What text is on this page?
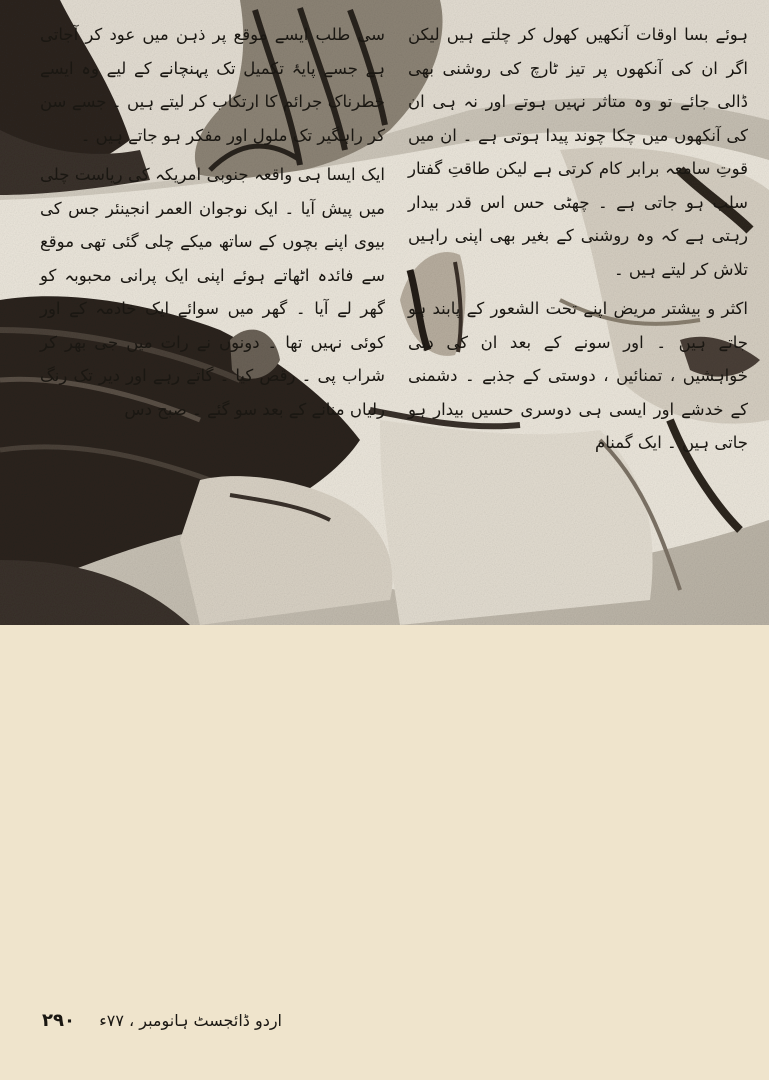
ہوئے بسا اوقات آنکھیں کھول کر چلتے ہیں لیکن اگر ان کی آنکھوں پر تیز ٹارچ کی روشنی بھی ڈالی جائے تو وہ متاثر نہیں ہوتے اور نہ ہی ان کی آنکھوں میں چکا چوند پیدا ہوتی ہے ۔ ان میں قوتِ سامعہ برابر کام کرتی ہے لیکن طاقتِ گفتار سلب ہو جاتی ہے ۔ چھٹی حس اس قدر بیدار رہتی ہے کہ وہ روشنی کے بغیر بھی اپنی راہیں تلاش کر لیتے ہیں ۔

اکثر و بیشتر مریض اپنے تحت الشعور کے پابند ہو جاتے ہیں ۔ اور سونے کے بعد ان کی دبی خواہشیں ، تمنائیں ، دوستی کے جذبے ۔ دشمنی کے خدشے اور ایسی ہی دوسری حسیں بیدار ہو جاتی ہیں ۔ ایک گمنام

سی طلب ایسے موقع پر ذہن میں عود کر آجاتی ہے جسے پایۂ تکمیل تک پہنچانے کے لیے وہ ایسے خطرناک جرائم کا ارتکاب کر لیتے ہیں ۔ جسے سن کر راہگیر تک ملول اور مفکر ہو جاتے ہیں ۔

ایک ایسا ہی واقعہ جنوبی امریکہ کی ریاست چلی میں پیش آیا ۔ ایک نوجوان العمر انجینئر جس کی بیوی اپنے بچوں کے ساتھ میکے چلی گئی تھی موقع سے فائدہ اٹھاتے ہوئے اپنی ایک پرانی محبوبہ کو گھر لے آیا ۔ گھر میں سوائے ایک خادمہ کے اور کوئی نہیں تھا ۔ دونوں نے رات میں جی بھر کر شراب پی ۔ رقص کیا ۔ گاتے رہے اور دیر تک رنگ رلیاں منانے کے بعد سو گئے ۔ صبح دس

اردو ڈائجسٹ ہانومبر ، ۷۷ء
۲۹۰
